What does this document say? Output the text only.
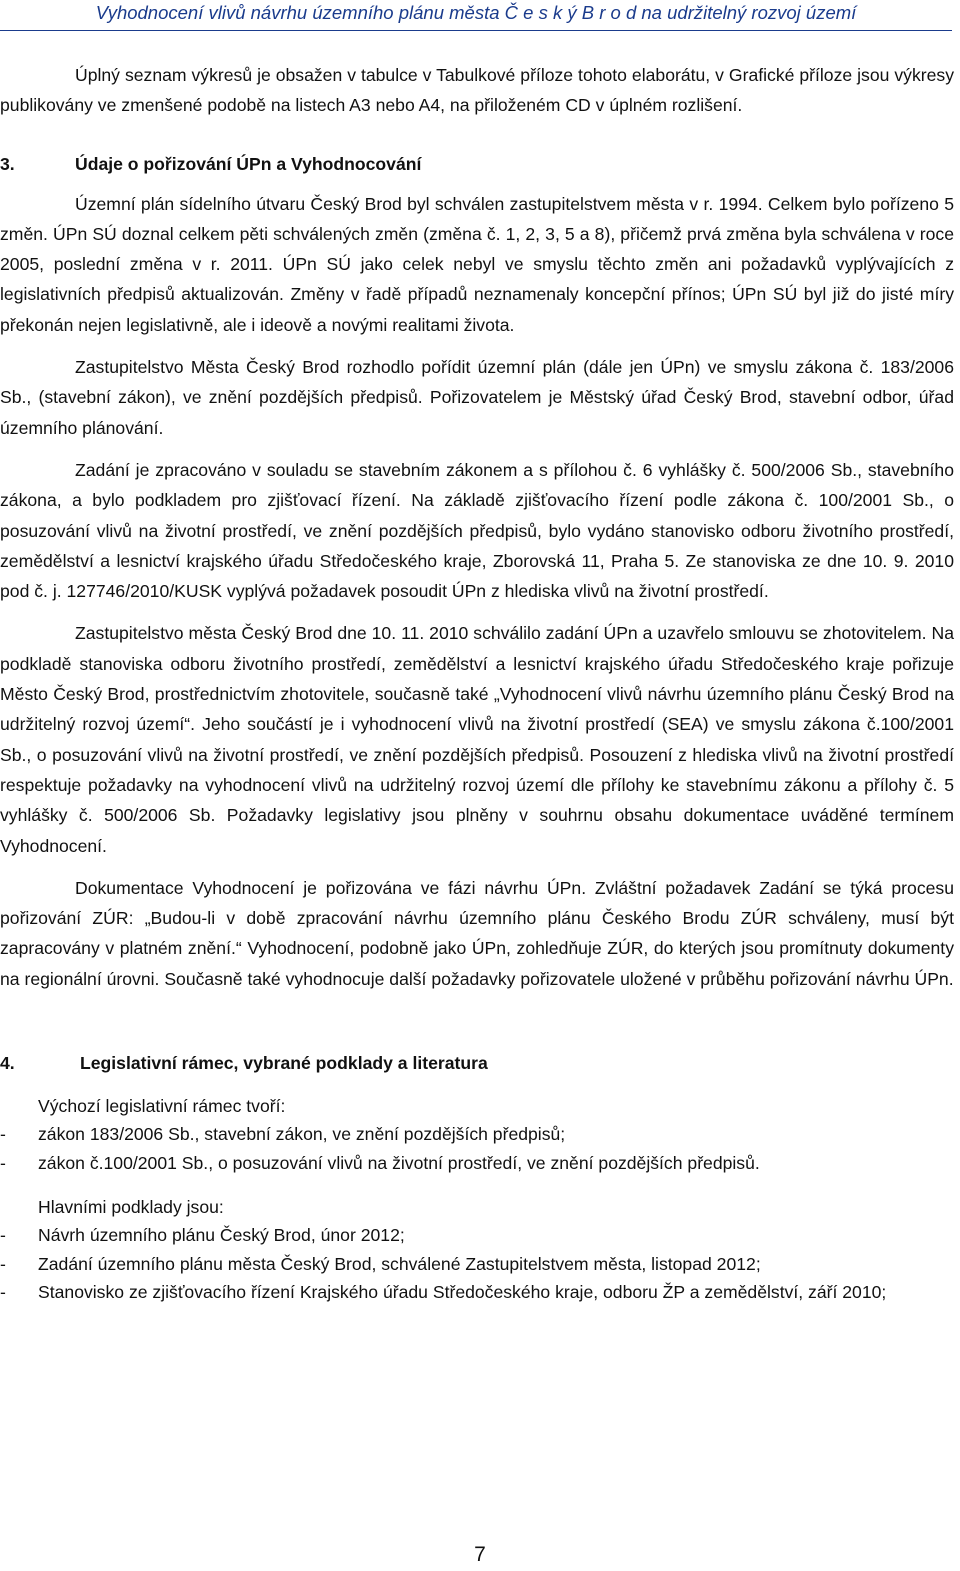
Vyhodnocení vlivů návrhu územního plánu města Č e s k ý B r o d na udržitelný rozvoj území

Úplný seznam výkresů je obsažen v tabulce v Tabulkové příloze tohoto elaborátu, v Grafické příloze jsou výkresy publikovány ve zmenšené podobě na listech A3 nebo A4, na přiloženém CD v úplném rozlišení.

3.	Údaje o pořizování ÚPn a Vyhodnocování

Územní plán sídelního útvaru Český Brod byl schválen zastupitelstvem města v r. 1994. Celkem bylo pořízeno 5 změn. ÚPn SÚ doznal celkem pěti schválených změn (změna č. 1, 2, 3, 5 a 8), přičemž prvá změna byla schválena v roce 2005, poslední změna v r. 2011. ÚPn SÚ jako celek nebyl ve smyslu těchto změn ani požadavků vyplývajících z legislativních předpisů aktualizován. Změny v řadě případů neznamenaly koncepční přínos; ÚPn SÚ byl již do jisté míry překonán nejen legislativně, ale i ideově a novými realitami života.

Zastupitelstvo Města Český Brod rozhodlo pořídit územní plán (dále jen ÚPn) ve smyslu zákona č. 183/2006 Sb., (stavební zákon), ve znění pozdějších předpisů. Pořizovatelem je Městský úřad Český Brod, stavební odbor, úřad územního plánování.

Zadání je zpracováno v souladu se stavebním zákonem a s přílohou č. 6 vyhlášky č. 500/2006 Sb., stavebního zákona, a bylo podkladem pro zjišťovací řízení. Na základě zjišťovacího řízení podle zákona č. 100/2001 Sb., o posuzování vlivů na životní prostředí, ve znění pozdějších předpisů, bylo vydáno stanovisko odboru životního prostředí, zemědělství a lesnictví krajského úřadu Středočeského kraje, Zborovská 11, Praha 5. Ze stanoviska ze dne 10. 9. 2010 pod č. j. 127746/2010/KUSK vyplývá požadavek posoudit ÚPn z hlediska vlivů na životní prostředí.

Zastupitelstvo města Český Brod dne 10. 11. 2010 schválilo zadání ÚPn a uzavřelo smlouvu se zhotovitelem. Na podkladě stanoviska odboru životního prostředí, zemědělství a lesnictví krajského úřadu Středočeského kraje pořizuje Město Český Brod, prostřednictvím zhotovitele, současně také „Vyhodnocení vlivů návrhu územního plánu Český Brod na udržitelný rozvoj území“. Jeho součástí je i vyhodnocení vlivů na životní prostředí (SEA) ve smyslu zákona č.100/2001 Sb., o posuzování vlivů na životní prostředí, ve znění pozdějších předpisů. Posouzení z hlediska vlivů na životní prostředí respektuje požadavky na vyhodnocení vlivů na udržitelný rozvoj území dle přílohy ke stavebnímu zákonu a přílohy č. 5 vyhlášky č. 500/2006 Sb. Požadavky legislativy jsou plněny v souhrnu obsahu dokumentace uváděné termínem Vyhodnocení.

Dokumentace Vyhodnocení je pořizována ve fázi návrhu ÚPn. Zvláštní požadavek Zadání se týká procesu pořizování ZÚR: „Budou-li v době zpracování návrhu územního plánu Českého Brodu ZÚR schváleny, musí být zapracovány v platném znění.“ Vyhodnocení, podobně jako ÚPn, zohledňuje ZÚR, do kterých jsou promítnuty dokumenty na regionální úrovni. Současně také vyhodnocuje další požadavky pořizovatele uložené v průběhu pořizování návrhu ÚPn.

4.	Legislativní rámec, vybrané podklady a literatura

Výchozí legislativní rámec tvoří:

- zákon 183/2006 Sb., stavební zákon, ve znění pozdějších předpisů;
- zákon č.100/2001 Sb., o posuzování vlivů na životní prostředí, ve znění pozdějších předpisů.

Hlavními podklady jsou:

- Návrh územního plánu Český Brod, únor 2012;
- Zadání územního plánu města Český Brod, schválené Zastupitelstvem města, listopad 2012;
- Stanovisko ze zjišťovacího řízení Krajského úřadu Středočeského kraje, odboru ŽP a zemědělství, září 2010;
7
